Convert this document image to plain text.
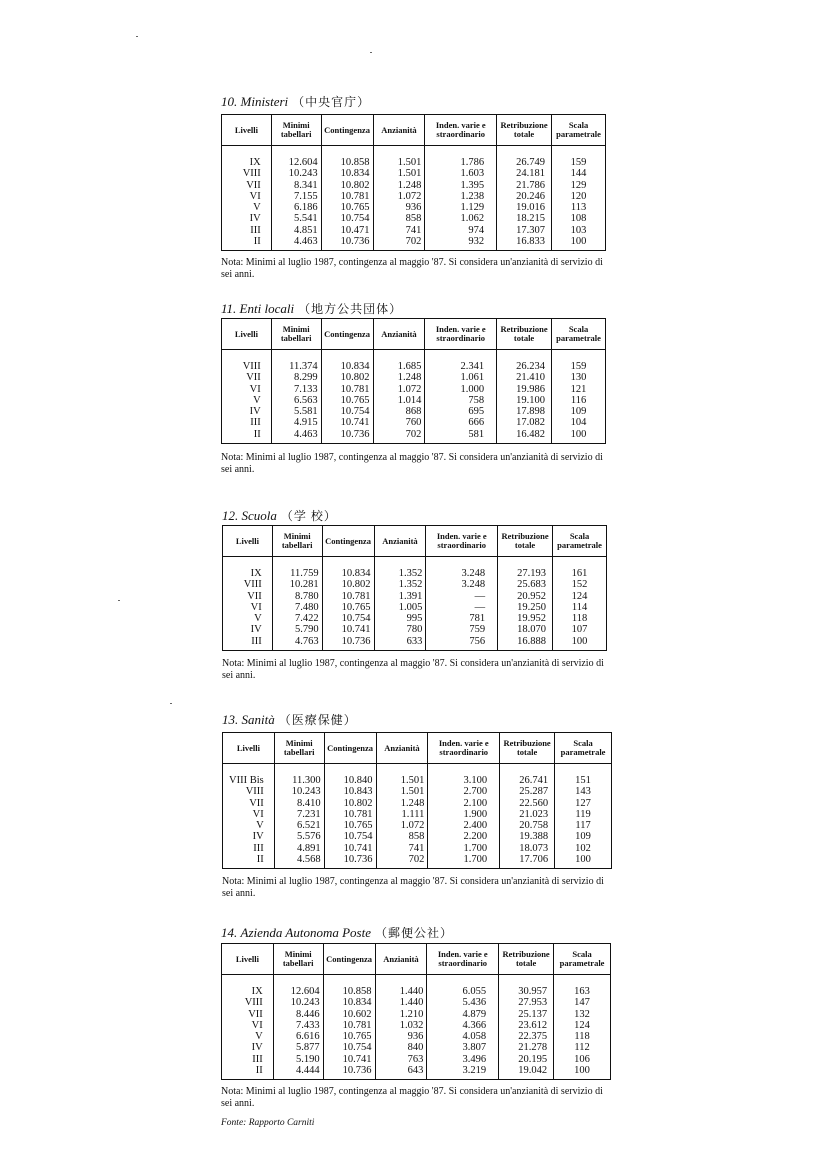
10. Ministeri （中央官庁）
Livelli	Minimi tabellari	Contingenza	Anzianità	Inden. varie e straordinario	Retribuzione totale	Scala parametrale
IX	12.604	10.858	1.501	1.786	26.749	159
VIII	10.243	10.834	1.501	1.603	24.181	144
VII	8.341	10.802	1.248	1.395	21.786	129
VI	7.155	10.781	1.072	1.238	20.246	120
V	6.186	10.765	936	1.129	19.016	113
IV	5.541	10.754	858	1.062	18.215	108
III	4.851	10.471	741	974	17.307	103
II	4.463	10.736	702	932	16.833	100
Nota: Minimi al luglio 1987, contingenza al maggio '87. Si considera un'anzianità di servizio di sei anni.
11. Enti locali （地方公共団体）
Livelli	Minimi tabellari	Contingenza	Anzianità	Inden. varie e straordinario	Retribuzione totale	Scala parametrale
VIII	11.374	10.834	1.685	2.341	26.234	159
VII	8.299	10.802	1.248	1.061	21.410	130
VI	7.133	10.781	1.072	1.000	19.986	121
V	6.563	10.765	1.014	758	19.100	116
IV	5.581	10.754	868	695	17.898	109
III	4.915	10.741	760	666	17.082	104
II	4.463	10.736	702	581	16.482	100
Nota: Minimi al luglio 1987, contingenza al maggio '87. Si considera un'anzianità di servizio di sei anni.
12. Scuola （学 校）
Livelli	Minimi tabellari	Contingenza	Anzianità	Inden. varie e straordinario	Retribuzione totale	Scala parametrale
IX	11.759	10.834	1.352	3.248	27.193	161
VIII	10.281	10.802	1.352	3.248	25.683	152
VII	8.780	10.781	1.391	—	20.952	124
VI	7.480	10.765	1.005	—	19.250	114
V	7.422	10.754	995	781	19.952	118
IV	5.790	10.741	780	759	18.070	107
III	4.763	10.736	633	756	16.888	100
Nota: Minimi al luglio 1987, contingenza al maggio '87. Si considera un'anzianità di servizio di sei anni.
13. Sanità （医療保健）
Livelli	Minimi tabellari	Contingenza	Anzianità	Inden. varie e straordinario	Retribuzione totale	Scala parametrale
VIII Bis	11.300	10.840	1.501	3.100	26.741	151
VIII	10.243	10.843	1.501	2.700	25.287	143
VII	8.410	10.802	1.248	2.100	22.560	127
VI	7.231	10.781	1.111	1.900	21.023	119
V	6.521	10.765	1.072	2.400	20.758	117
IV	5.576	10.754	858	2.200	19.388	109
III	4.891	10.741	741	1.700	18.073	102
II	4.568	10.736	702	1.700	17.706	100
Nota: Minimi al luglio 1987, contingenza al maggio '87. Si considera un'anzianità di servizio di sei anni.
14. Azienda Autonoma Poste （郵便公社）
Livelli	Minimi tabellari	Contingenza	Anzianità	Inden. varie e straordinario	Retribuzione totale	Scala parametrale
IX	12.604	10.858	1.440	6.055	30.957	163
VIII	10.243	10.834	1.440	5.436	27.953	147
VII	8.446	10.602	1.210	4.879	25.137	132
VI	7.433	10.781	1.032	4.366	23.612	124
V	6.616	10.765	936	4.058	22.375	118
IV	5.877	10.754	840	3.807	21.278	112
III	5.190	10.741	763	3.496	20.195	106
II	4.444	10.736	643	3.219	19.042	100
Nota: Minimi al luglio 1987, contingenza al maggio '87. Si considera un'anzianità di servizio di sei anni.
Fonte: Rapporto Carniti
